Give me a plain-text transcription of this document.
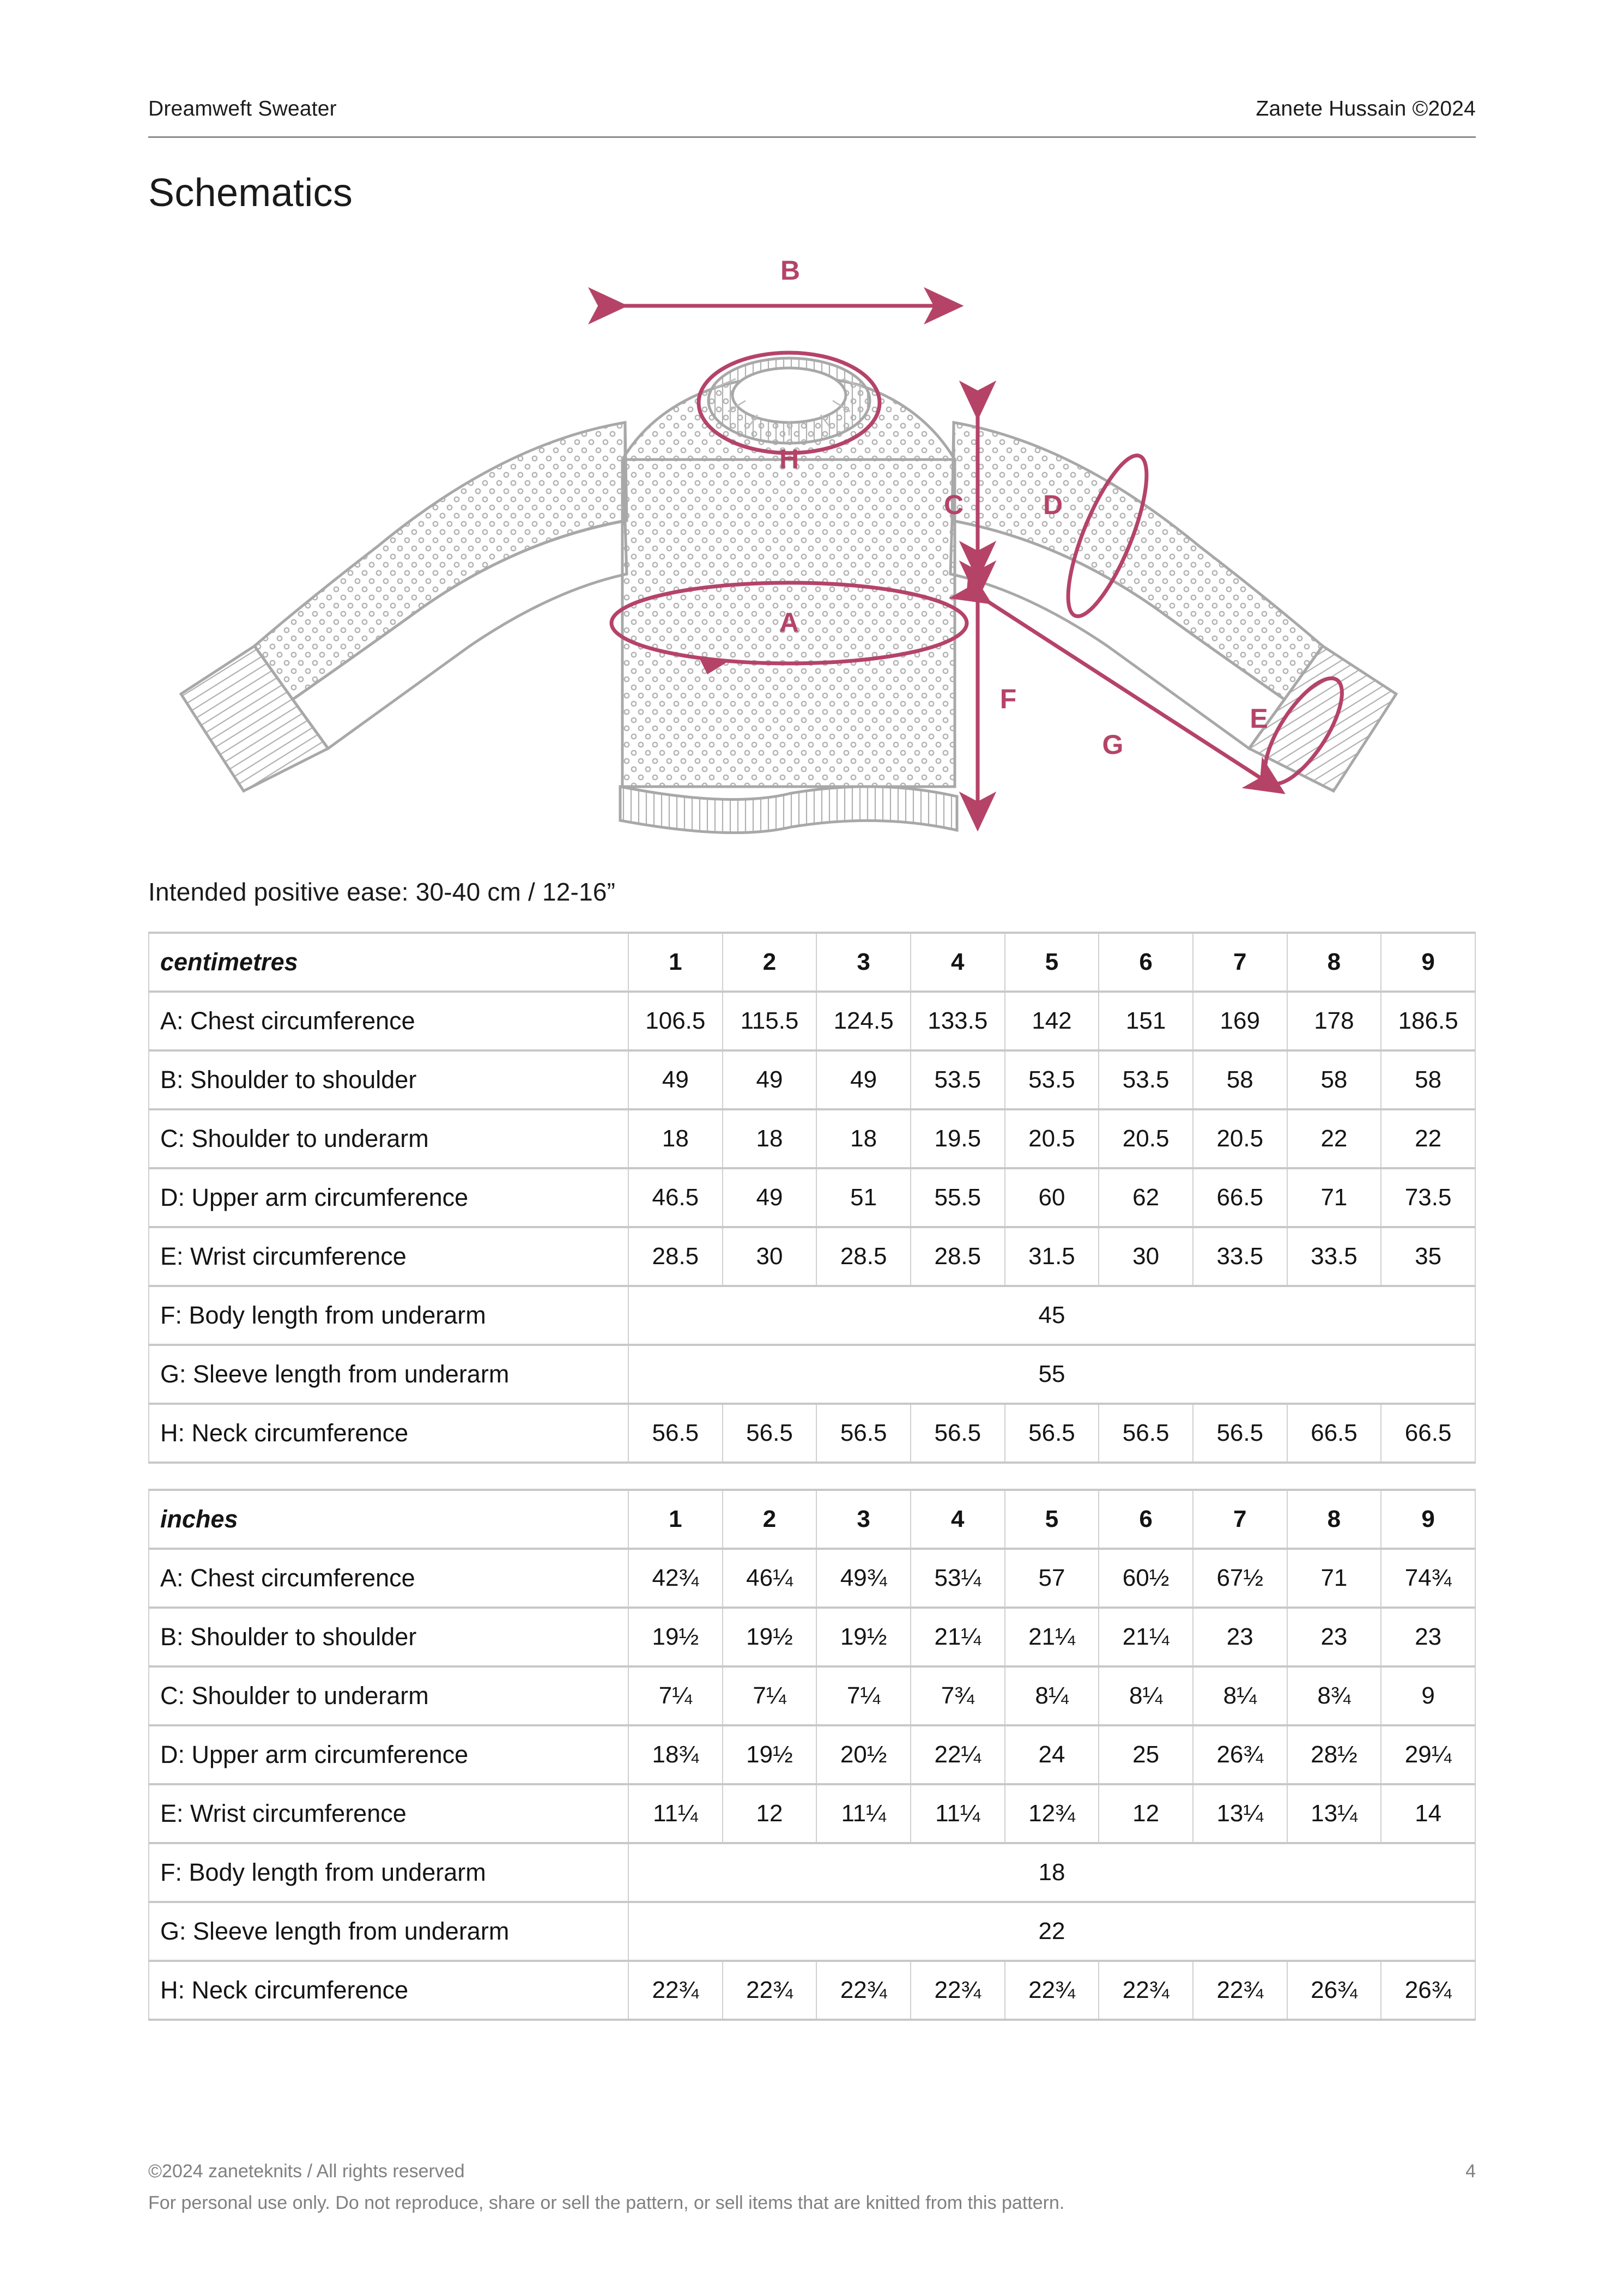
Dreamweft Sweater	Zanete Hussain ©2024
Schematics
B
H
C	D
A
E
G
F
Intended positive ease: 30-40 cm / 12-16”
centimetres	1	2	3	4	5	6	7	8	9
A: Chest circumference	106.5	115.5	124.5	133.5	142	151	169	178	186.5
B: Shoulder to shoulder	49	49	49	53.5	53.5	53.5	58	58	58
C: Shoulder to underarm	18	18	18	19.5	20.5	20.5	20.5	22	22
D: Upper arm circumference	46.5	49	51	55.5	60	62	66.5	71	73.5
E: Wrist circumference	28.5	30	28.5	28.5	31.5	30	33.5	33.5	35
F: Body length from underarm	45								
G: Sleeve length from underarm	55								
H: Neck circumference	56.5	56.5	56.5	56.5	56.5	56.5	56.5	66.5	66.5
inches	1	2	3	4	5	6	7	8	9
A: Chest circumference	42¾	46¼	49¾	53¼	57	60½	67½	71	74¾
B: Shoulder to shoulder	19½	19½	19½	21¼	21¼	21¼	23	23	23
C: Shoulder to underarm	7¼	7¼	7¼	7¾	8¼	8¼	8¼	8¾	9
D: Upper arm circumference	18¾	19½	20½	22¼	24	25	26¾	28½	29¼
E: Wrist circumference	11¼	12	11¼	11¼	12¾	12	13¼	13¼	14
F: Body length from underarm	18								
G: Sleeve length from underarm	22								
H: Neck circumference	22¾	22¾	22¾	22¾	22¾	22¾	22¾	26¾	26¾
©2024 zaneteknits / All rights reserved	4
For personal use only. Do not reproduce, share or sell the pattern, or sell items that are knitted from this pattern.
